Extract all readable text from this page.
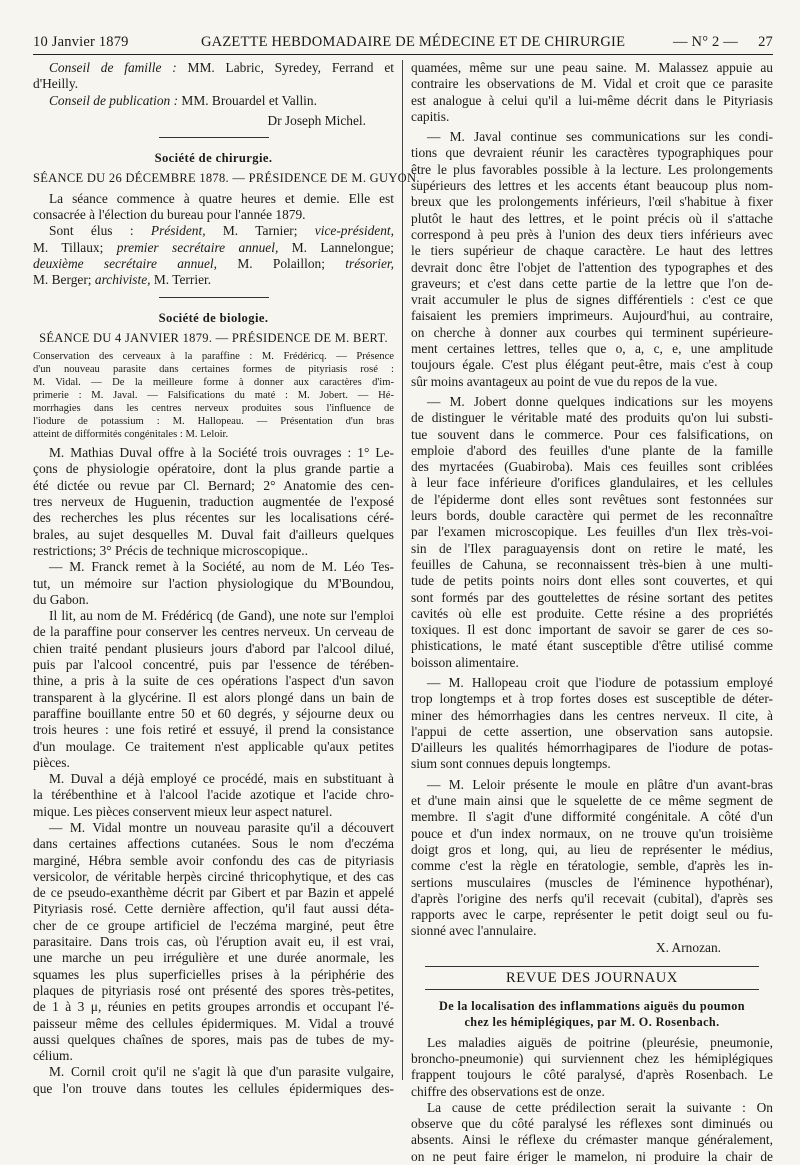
10 Janvier 1879	GAZETTE HEBDOMADAIRE DE MÉDECINE ET DE CHIRURGIE	— N° 2 — 27
Conseil de famille : MM. Labric, Syredey, Ferrand et
d'Heilly.
Conseil de publication : MM. Brouardel et Vallin.
Dr Joseph Michel.
Société de chirurgie.
SÉANCE DU 26 DÉCEMBRE 1878. — PRÉSIDENCE DE M. GUYON.
La séance commence à quatre heures et demie. Elle est
consacrée à l'élection du bureau pour l'année 1879.
Sont élus : Président, M. Tarnier; vice-président,
M. Tillaux; premier secrétaire annuel, M. Lannelongue;
deuxième secrétaire annuel, M. Polaillon; trésorier,
M. Berger; archiviste, M. Terrier.
Société de biologie.
SÉANCE DU 4 JANVIER 1879. — PRÉSIDENCE DE M. BERT.
Conservation des cerveaux à la paraffine : M. Frédéricq. — Présence
d'un nouveau parasite dans certaines formes de pityriasis rosé :
M. Vidal. — De la meilleure forme à donner aux caractères d'im-
primerie : M. Javal. — Falsifications du maté : M. Jobert. — Hé-
morrhagies dans les centres nerveux produites sous l'influence de
l'iodure de potassium : M. Hallopeau. — Présentation d'un bras
atteint de difformités congénitales : M. Leloir.
M. Mathias Duval offre à la Société trois ouvrages : 1° Le-
çons de physiologie opératoire, dont la plus grande partie a
été dictée ou revue par Cl. Bernard; 2° Anatomie des cen-
tres nerveux de Huguenin, traduction augmentée de l'exposé
des recherches les plus récentes sur les localisations céré-
brales, au sujet desquelles M. Duval fait d'ailleurs quelques
restrictions; 3° Précis de technique microscopique..
— M. Franck remet à la Société, au nom de M. Léo Tes-
tut, un mémoire sur l'action physiologique du M'Boundou,
du Gabon.
Il lit, au nom de M. Frédéricq (de Gand), une note sur l'emploi
de la paraffine pour conserver les centres nerveux. Un cerveau de
chien traité pendant plusieurs jours d'abord par l'alcool dilué,
puis par l'alcool concentré, puis par l'essence de térében-
thine, a pris à la suite de ces opérations l'aspect d'un savon
transparent à la glycérine. Il est alors plongé dans un bain de
paraffine bouillante entre 50 et 60 degrés, y séjourne deux ou
trois heures : une fois retiré et essuyé, il prend la consistance
d'un moulage. Ce traitement n'est applicable qu'aux petites
pièces.
M. Duval a déjà employé ce procédé, mais en substituant à
la térébenthine et à l'alcool l'acide azotique et l'acide chro-
mique. Les pièces conservent mieux leur aspect naturel.
— M. Vidal montre un nouveau parasite qu'il a découvert
dans certaines affections cutanées. Sous le nom d'eczéma
marginé, Hébra semble avoir confondu des cas de pityriasis
versicolor, de véritable herpès circiné thricophytique, et des cas
de ce pseudo-exanthème décrit par Gibert et par Bazin et appelé
Pityriasis rosé. Cette dernière affection, qu'il faut aussi déta-
cher de ce groupe artificiel de l'eczéma marginé, peut être
parasitaire. Dans trois cas, où l'éruption avait eu, il est vrai,
une marche un peu irrégulière et une durée anormale, les
squames les plus superficielles prises à la périphérie des
plaques de pityriasis rosé ont présenté des spores très-petites,
de 1 à 3 μ, réunies en petits groupes arrondis et occupant l'é-
paisseur même des cellules épidermiques. M. Vidal a trouvé
aussi quelques chaînes de spores, mais pas de tubes de my-
célium.
M. Cornil croit qu'il ne s'agit là que d'un parasite vulgaire,
que l'on trouve dans toutes les cellules épidermiques des-
quamées, même sur une peau saine. M. Malassez appuie au
contraire les observations de M. Vidal et croit que ce parasite
est analogue à celui qu'il a lui-même décrit dans le Pityriasis
capitis.
— M. Javal continue ses communications sur les condi-
tions que devraient réunir les caractères typographiques pour
être le plus favorables possible à la lecture. Les prolongements
supérieurs des lettres et les accents étant beaucoup plus nom-
breux que les prolongements inférieurs, l'œil s'habitue à fixer
plutôt le haut des lettres, et le point précis où il s'attache
correspond à peu près à l'union des deux tiers inférieurs avec
le tiers supérieur de chaque caractère. Le haut des lettres
devrait donc être l'objet de l'attention des typographes et des
graveurs; et c'est dans cette partie de la lettre que l'on de-
vrait accumuler le plus de signes différentiels : c'est ce que
faisaient les premiers imprimeurs. Aujourd'hui, au contraire,
on cherche à donner aux courbes qui terminent supérieure-
ment certaines lettres, telles que o, a, c, e, une amplitude
toujours égale. C'est plus élégant peut-être, mais c'est à coup
sûr moins avantageux au point de vue du repos de la vue.
— M. Jobert donne quelques indications sur les moyens
de distinguer le véritable maté des produits qu'on lui substi-
tue souvent dans le commerce. Pour ces falsifications, on
emploie d'abord des feuilles d'une plante de la famille
des myrtacées (Guabiroba). Mais ces feuilles sont criblées
à leur face inférieure d'orifices glandulaires, et les cellules
de l'épiderme dont elles sont revêtues sont festonnées sur
leurs bords, double caractère qui permet de les reconnaître
par l'examen microscopique. Les feuilles d'un Ilex très-voi-
sin de l'Ilex paraguayensis dont on retire le maté, les
feuilles de Cahuna, se reconnaissent très-bien à une multi-
tude de petits points noirs dont elles sont couvertes, et qui
sont formés par des gouttelettes de résine sortant des petites
cavités où elle est produite. Cette résine a des propriétés
toxiques. Il est donc important de savoir se garer de ces so-
phistications, le maté étant susceptible d'être utilisé comme
boisson alimentaire.
— M. Hallopeau croit que l'iodure de potassium employé
trop longtemps et à trop fortes doses est susceptible de déter-
miner des hémorrhagies dans les centres nerveux. Il cite, à
l'appui de cette assertion, une observation sans autopsie.
D'ailleurs les qualités hémorrhagipares de l'iodure de potas-
sium sont connues depuis longtemps.
— M. Leloir présente le moule en plâtre d'un avant-bras
et d'une main ainsi que le squelette de ce même segment de
membre. Il s'agit d'une difformité congénitale. A côté d'un
pouce et d'un index normaux, on ne trouve qu'un troisième
doigt gros et long, qui, au lieu de représenter le médius,
comme c'est la règle en tératologie, semble, d'après les in-
sertions musculaires (muscles de l'éminence hypothénar),
d'après l'origine des nerfs qu'il recevait (cubital), d'après ses
rapports avec le carpe, représenter le petit doigt seul ou fu-
sionné avec l'annulaire.
X. Arnozan.
REVUE DES JOURNAUX
De la localisation des inflammations aiguës du poumon
chez les hémiplégiques, par M. O. Rosenbach.
Les maladies aiguës de poitrine (pleurésie, pneumonie,
broncho-pneumonie) qui surviennent chez les hémiplégiques
frappent toujours le côté paralysé, d'après Rosenbach. Le
chiffre des observations est de onze.
La cause de cette prédilection serait la suivante : On
observe que du côté paralysé les réflexes sont diminués ou
absents. Ainsi le réflexe du crémaster manque généralement,
on ne peut faire ériger le mamelon, ni produire la chair de
